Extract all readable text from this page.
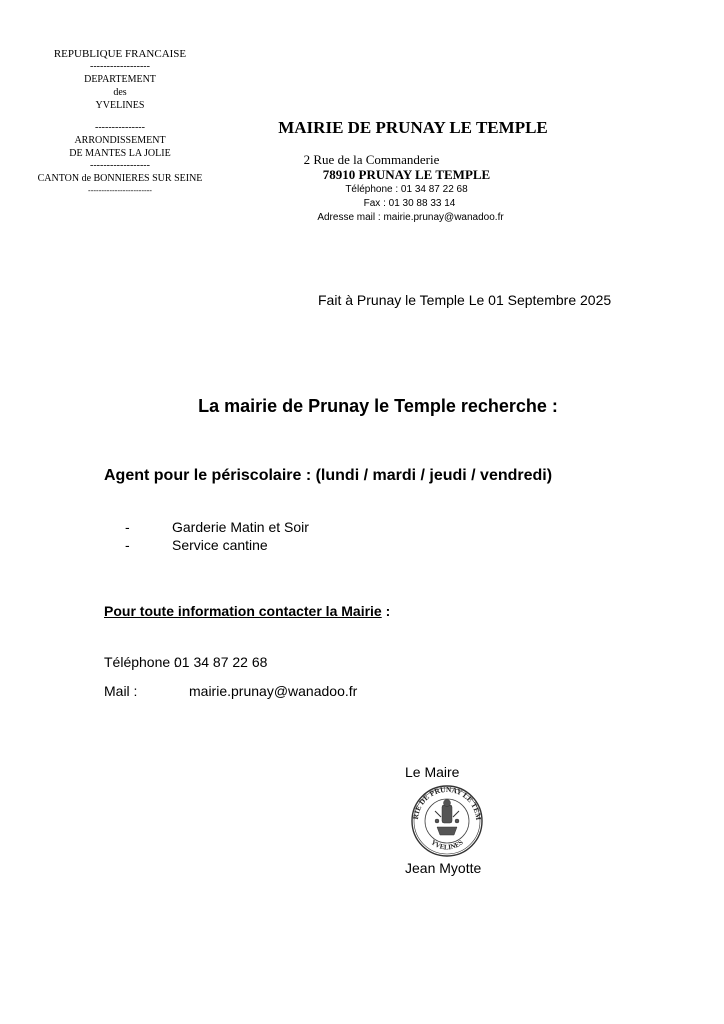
REPUBLIQUE FRANCAISE
------------------
DEPARTEMENT
des
YVELINES
---------------
ARRONDISSEMENT
DE MANTES LA JOLIE
------------------
CANTON de BONNIERES SUR SEINE
------------------------
MAIRIE DE PRUNAY LE TEMPLE
2 Rue de la Commanderie
78910 PRUNAY LE TEMPLE
Téléphone : 01 34 87 22 68
Fax : 01 30 88 33 14
Adresse mail : mairie.prunay@wanadoo.fr
Fait à Prunay le Temple Le 01 Septembre 2025
La mairie de Prunay le Temple recherche :
Agent pour le périscolaire : (lundi / mardi / jeudi / vendredi)
-	Garderie Matin et Soir
-	Service cantine
Pour toute information contacter la Mairie :
Téléphone :01 34 87 22 68
Mail :	mairie.prunay@wanadoo.fr
Le Maire
RIE DE PRUNAY LE TEM
YVELINES
Jean Myotte
